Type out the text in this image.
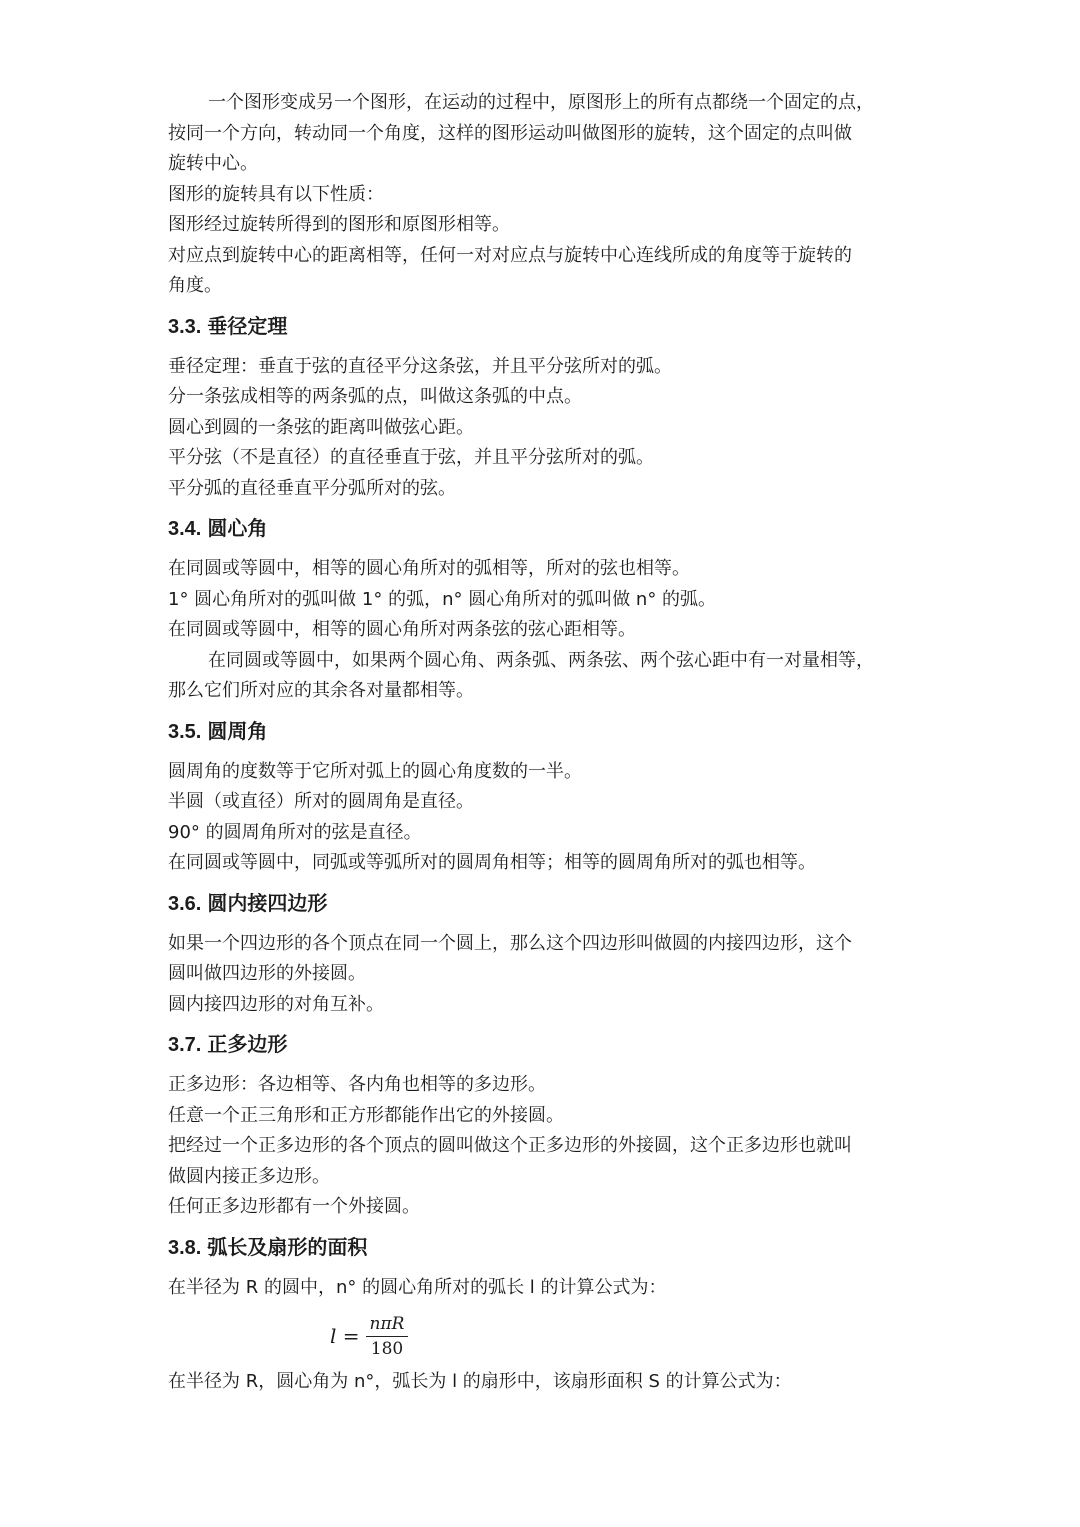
一个图形变成另一个图形，在运动的过程中，原图形上的所有点都绕一个固定的点，

按同一个方向，转动同一个角度，这样的图形运动叫做图形的旋转，这个固定的点叫做

旋转中心。

图形的旋转具有以下性质：

图形经过旋转所得到的图形和原图形相等。

对应点到旋转中心的距离相等，任何一对对应点与旋转中心连线所成的角度等于旋转的

角度。

3.3. 垂径定理

垂径定理：垂直于弦的直径平分这条弦，并且平分弦所对的弧。

分一条弦成相等的两条弧的点，叫做这条弧的中点。

圆心到圆的一条弦的距离叫做弦心距。

平分弦（不是直径）的直径垂直于弦，并且平分弦所对的弧。

平分弧的直径垂直平分弧所对的弦。

3.4. 圆心角

在同圆或等圆中，相等的圆心角所对的弧相等，所对的弦也相等。

1° 圆心角所对的弧叫做 1° 的弧，n° 圆心角所对的弧叫做 n° 的弧。

在同圆或等圆中，相等的圆心角所对两条弦的弦心距相等。

在同圆或等圆中，如果两个圆心角、两条弧、两条弦、两个弦心距中有一对量相等，

那么它们所对应的其余各对量都相等。

3.5. 圆周角

圆周角的度数等于它所对弧上的圆心角度数的一半。

半圆（或直径）所对的圆周角是直径。

90° 的圆周角所对的弦是直径。

在同圆或等圆中，同弧或等弧所对的圆周角相等；相等的圆周角所对的弧也相等。

3.6. 圆内接四边形

如果一个四边形的各个顶点在同一个圆上，那么这个四边形叫做圆的内接四边形，这个

圆叫做四边形的外接圆。

圆内接四边形的对角互补。

3.7. 正多边形

正多边形：各边相等、各内角也相等的多边形。

任意一个正三角形和正方形都能作出它的外接圆。

把经过一个正多边形的各个顶点的圆叫做这个正多边形的外接圆，这个正多边形也就叫

做圆内接正多边形。

任何正多边形都有一个外接圆。

3.8. 弧长及扇形的面积

在半径为 R 的圆中，n° 的圆心角所对的弧长 l 的计算公式为：

$l = \frac{\text{nπR}}{180}$

在半径为 R，圆心角为 n°，弧长为 l 的扇形中，该扇形面积 S 的计算公式为：
